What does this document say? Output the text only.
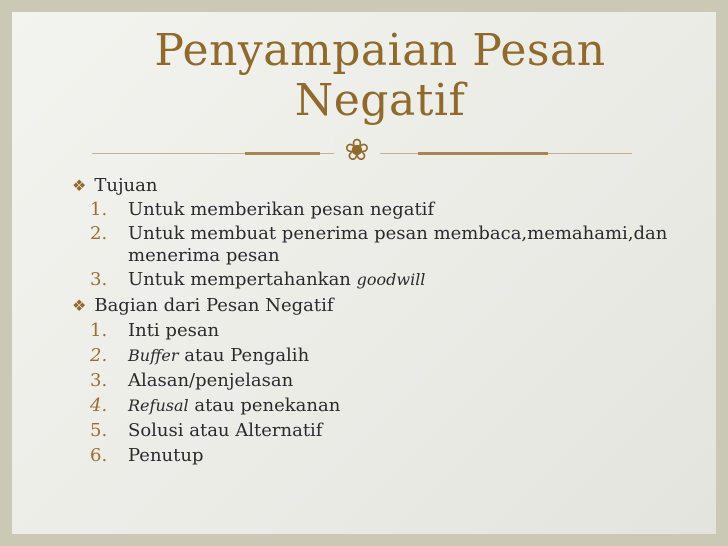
Penyampaian Pesan
Negatif
❀
❖ Tujuan
1. Untuk memberikan pesan negatif
2. Untuk membuat penerima pesan membaca,memahami,dan
menerima pesan
3. Untuk mempertahankan goodwill
❖ Bagian dari Pesan Negatif
1. Inti pesan
2. Buffer atau Pengalih
3. Alasan/penjelasan
4. Refusal atau penekanan
5. Solusi atau Alternatif
6. Penutup
